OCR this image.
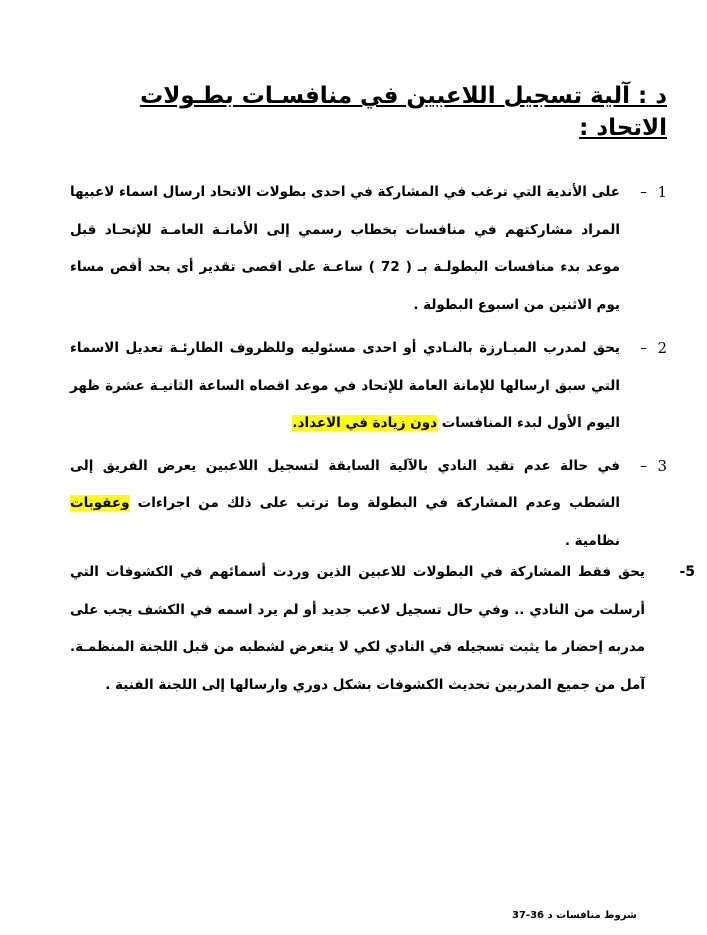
د : آلية تسجيل اللاعبين في منافسـات بطـولات الاتحاد :
1
–
على الأندية التي ترغب في المشاركة في احدى بطولات الاتحاد ارسال اسماء لاعبيها المراد مشاركتهم في منافسات بخطاب رسمي إلى الأمانـة العامـة للإتحـاد قبل موعد بدء منافسات البطولـة بـ ( 72 ) ساعـة على اقصى تقدير أى بحد أقص مساء يوم الاثنين من اسبوع البطولة .
2
–
يحق لمدرب المبـارزة بالنـادي أو احدى مسئوليه وللظروف الطارئـة تعديل الاسماء التي سبق ارسالها للإمانة العامة للإتحاد في موعد اقصاه الساعة الثانيـة عشرة ظهر اليوم الأول لبدء المنافسات دون زيادة في الاعداد.
3
–
في حالة عدم تقيد النادي بالآلية السابقة لتسجيل اللاعبين يعرض الفريق إلى الشطب وعدم المشاركة في البطولة وما ترتب على ذلك من اجراءات وعقوبات نظامية .
5-
يحق فقط المشاركة في البطولات للاعبين الذين وردت أسمائهم في الكشوفات التي أرسلت من النادي .. وفي حال تسجيل لاعب جديد أو لم يرد اسمه في الكشف يجب على مدربه إحضار ما يثبت تسجيله في النادي لكي لا يتعرض لشطبه من قبل اللجنة المنظمـة. آمل من جميع المدربين تحديث الكشوفات بشكل دوري وارسالها إلى اللجنة الفنية .
شروط منافسات د 36-37
